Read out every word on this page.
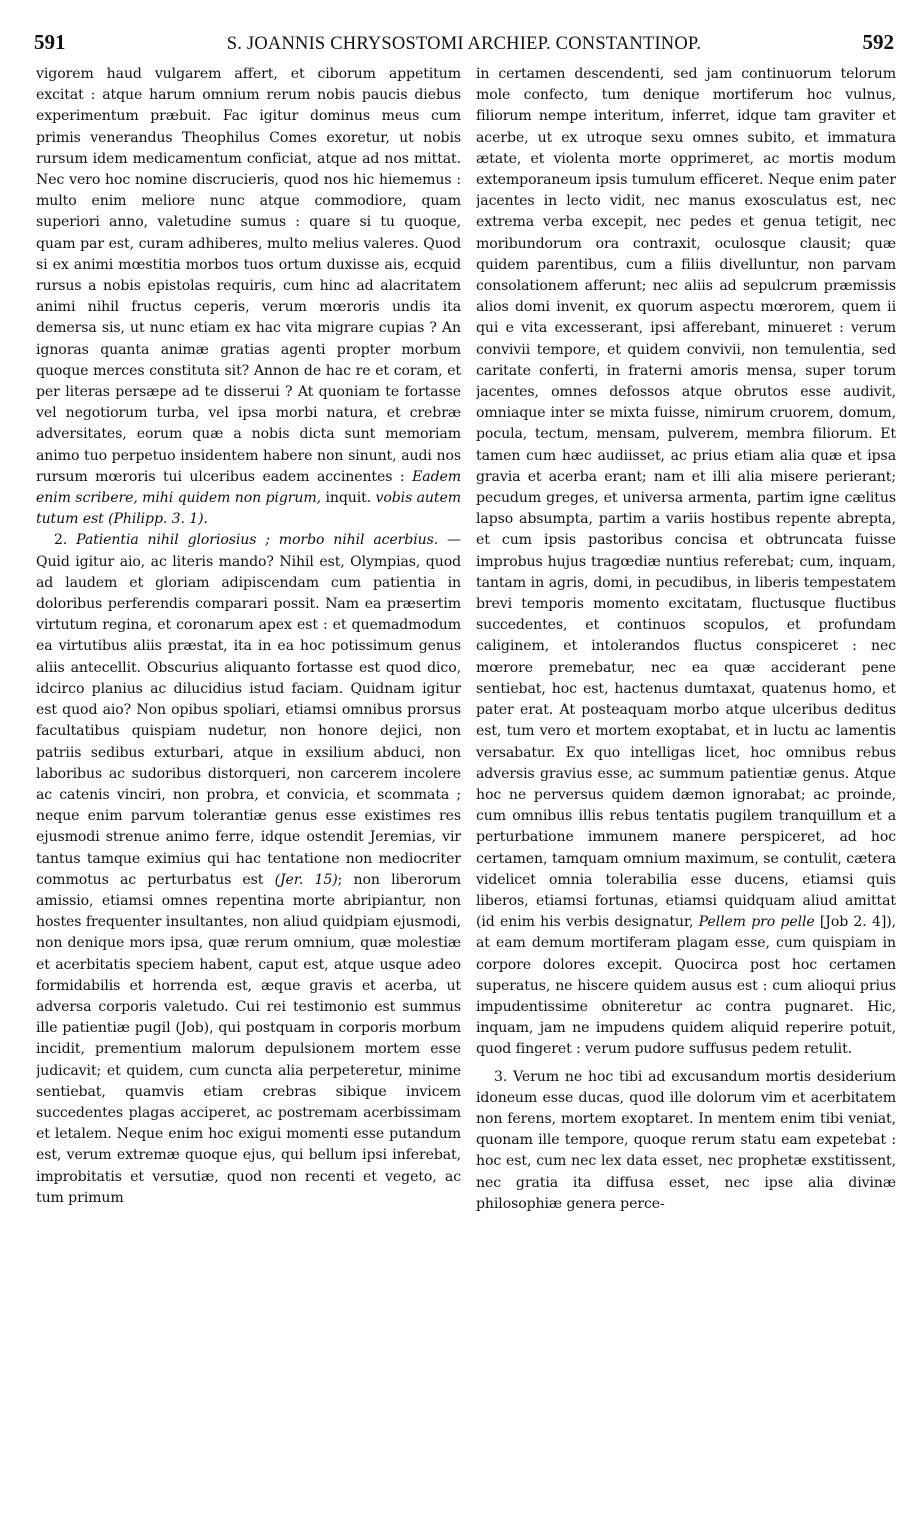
591	S. JOANNIS CHRYSOSTOMI ARCHIEP. CONSTANTINOP.	592

vigorem haud vulgarem affert, et ciborum appetitum excitat : atque harum omnium rerum nobis paucis diebus experimentum præbuit. Fac igitur dominus meus cum primis venerandus Theophilus Comes exoretur, ut nobis rursum idem medicamentum conficiat, atque ad nos mittat. Nec vero hoc nomine discrucieris, quod nos hic hiememus : multo enim meliore nunc atque commodiore, quam superiori anno, valetudine sumus : quare si tu quoque, quam par est, curam adhiberes, multo melius valeres. Quod si ex animi mœstitia morbos tuos ortum duxisse ais, ecquid rursus a nobis epistolas requiris, cum hinc ad alacritatem animi nihil fructus ceperis, verum mœroris undis ita demersa sis, ut nunc etiam ex hac vita migrare cupias ? An ignoras quanta animæ gratias agenti propter morbum quoque merces constituta sit? Annon de hac re et coram, et per literas persæpe ad te disserui ? At quoniam te fortasse vel negotiorum turba, vel ipsa morbi natura, et crebræ adversitates, eorum quæ a nobis dicta sunt memoriam animo tuo perpetuo insidentem habere non sinunt, audi nos rursum mœroris tui ulceribus eadem accinentes : Eadem enim scribere, mihi quidem non pigrum, inquit. vobis autem tutum est (Philipp. 3. 1).

2. Patientia nihil gloriosius ; morbo nihil acerbius. — Quid igitur aio, ac literis mando? Nihil est, Olympias, quod ad laudem et gloriam adipiscendam cum patientia in doloribus perferendis comparari possit. Nam ea præsertim virtutum regina, et coronarum apex est : et quemadmodum ea virtutibus aliis præstat, ita in ea hoc potissimum genus aliis antecellit. Obscurius aliquanto fortasse est quod dico, idcirco planius ac dilucidius istud faciam. Quidnam igitur est quod aio? Non opibus spoliari, etiamsi omnibus prorsus facultatibus quispiam nudetur, non honore dejici, non patriis sedibus exturbari, atque in exsilium abduci, non laboribus ac sudoribus distorqueri, non carcerem incolere ac catenis vinciri, non probra, et convicia, et scommata ; neque enim parvum tolerantiæ genus esse existimes res ejusmodi strenue animo ferre, idque ostendit Jeremias, vir tantus tamque eximius qui hac tentatione non mediocriter commotus ac perturbatus est (Jer. 15); non liberorum amissio, etiamsi omnes repentina morte abripiantur, non hostes frequenter insultantes, non aliud quidpiam ejusmodi, non denique mors ipsa, quæ rerum omnium, quæ molestiæ et acerbitatis speciem habent, caput est, atque usque adeo formidabilis et horrenda est, æque gravis et acerba, ut adversa corporis valetudo. Cui rei testimonio est summus ille patientiæ pugil (Job), qui postquam in corporis morbum incidit, prementium malorum depulsionem mortem esse judicavit; et quidem, cum cuncta alia perpeteretur, minime sentiebat, quamvis etiam crebras sibique invicem succedentes plagas acciperet, ac postremam acerbissimam et letalem. Neque enim hoc exigui momenti esse putandum est, verum extremæ quoque ejus, qui bellum ipsi inferebat, improbitatis et versutiæ, quod non recenti et vegeto, ac tum primum

in certamen descendenti, sed jam continuorum telorum mole confecto, tum denique mortiferum hoc vulnus, filiorum nempe interitum, inferret, idque tam graviter et acerbe, ut ex utroque sexu omnes subito, et immatura ætate, et violenta morte opprimeret, ac mortis modum extemporaneum ipsis tumulum efficeret. Neque enim pater jacentes in lecto vidit, nec manus exosculatus est, nec extrema verba excepit, nec pedes et genua tetigit, nec moribundorum ora contraxit, oculosque clausit; quæ quidem parentibus, cum a filiis divelluntur, non parvam consolationem afferunt; nec aliis ad sepulcrum præmissis alios domi invenit, ex quorum aspectu mœrorem, quem ii qui e vita excesserant, ipsi afferebant, minueret : verum convivii tempore, et quidem convivii, non temulentia, sed caritate conferti, in fraterni amoris mensa, super torum jacentes, omnes defossos atque obrutos esse audivit, omniaque inter se mixta fuisse, nimirum cruorem, domum, pocula, tectum, mensam, pulverem, membra filiorum. Et tamen cum hæc audiisset, ac prius etiam alia quæ et ipsa gravia et acerba erant; nam et illi alia misere perierant; pecudum greges, et universa armenta, partim igne cælitus lapso absumpta, partim a variis hostibus repente abrepta, et cum ipsis pastoribus concisa et obtruncata fuisse improbus hujus tragœdiæ nuntius referebat; cum, inquam, tantam in agris, domi, in pecudibus, in liberis tempestatem brevi temporis momento excitatam, fluctusque fluctibus succedentes, et continuos scopulos, et profundam caliginem, et intolerandos fluctus conspiceret : nec mœrore premebatur, nec ea quæ acciderant pene sentiebat, hoc est, hactenus dumtaxat, quatenus homo, et pater erat. At posteaquam morbo atque ulceribus deditus est, tum vero et mortem exoptabat, et in luctu ac lamentis versabatur. Ex quo intelligas licet, hoc omnibus rebus adversis gravius esse, ac summum patientiæ genus. Atque hoc ne perversus quidem dæmon ignorabat; ac proinde, cum omnibus illis rebus tentatis pugilem tranquillum et a perturbatione immunem manere perspiceret, ad hoc certamen, tamquam omnium maximum, se contulit, cætera videlicet omnia tolerabilia esse ducens, etiamsi quis liberos, etiamsi fortunas, etiamsi quidquam aliud amittat (id enim his verbis designatur, Pellem pro pelle [Job 2. 4]), at eam demum mortiferam plagam esse, cum quispiam in corpore dolores excepit. Quocirca post hoc certamen superatus, ne hiscere quidem ausus est : cum alioqui prius impudentissime obniteretur ac contra pugnaret. Hic, inquam, jam ne impudens quidem aliquid reperire potuit, quod fingeret : verum pudore suffusus pedem retulit.

3. Verum ne hoc tibi ad excusandum mortis desiderium idoneum esse ducas, quod ille dolorum vim et acerbitatem non ferens, mortem exoptaret. In mentem enim tibi veniat, quonam ille tempore, quoque rerum statu eam expetebat : hoc est, cum nec lex data esset, nec prophetæ exstitissent, nec gratia ita diffusa esset, nec ipse alia divinæ philosophiæ genera perce-
